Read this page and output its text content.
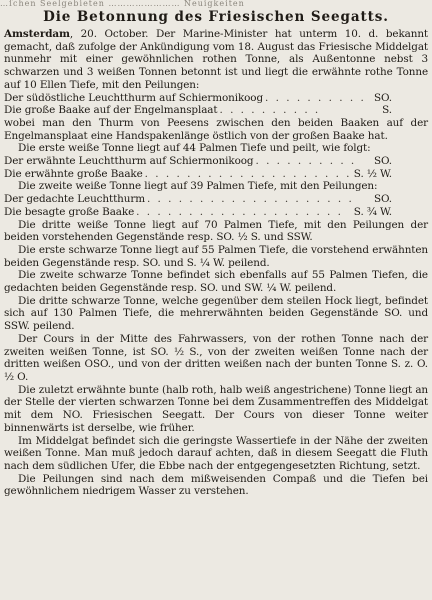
…ſchen Seelgebieten …………………… Neuigkeiten
Die Betonnung des Friesischen Seegatts.

Amsterdam, 20. October. Der Marine-Minister hat unterm 10. d. bekannt gemacht, daß zufolge der Ankündigung vom 18. August das Friesische Middelgat nunmehr mit einer gewöhnlichen rothen Tonne, als Außentonne nebst 3 schwarzen und 3 weißen Tonnen betonnt ist und liegt die erwähnte rothe Tonne auf 10 Ellen Tiefe, mit den Peilungen:

Der südöstliche Leuchtthurm auf Schiermonikoog . . . . . . . . . . SO.
Die große Baake auf der Engelmansplaat . . . . . . . . . .	S.

wobei man den Thurm von Peesens zwischen den beiden Baaken auf der Engelmansplaat eine Handspakenlänge östlich von der großen Baake hat.

Die erste weiße Tonne liegt auf 44 Palmen Tiefe und peilt, wie folgt:

Der erwähnte Leuchtthurm auf Schiermonikoog . . . . . . . . . .	SO.
Die erwähnte große Baake . . . . . . . . . . . . . . . . . . . . S. ½ W.

Die zweite weiße Tonne liegt auf 39 Palmen Tiefe, mit den Peilungen:

Der gedachte Leuchtthurm . . . . . . . . . . . . . . . . . . . .	SO.
Die besagte große Baake . . . . . . . . . . . . . . . . . . . .	S. ¾ W.

Die dritte weiße Tonne liegt auf 70 Palmen Tiefe, mit den Peilungen der beiden vorstehenden Gegenstände resp. SO. ½ S. und SSW.

Die erste schwarze Tonne liegt auf 55 Palmen Tiefe, die vorstehend erwähnten beiden Gegenstände resp. SO. und S. ¼ W. peilend.

Die zweite schwarze Tonne befindet sich ebenfalls auf 55 Palmen Tiefen, die gedachten beiden Gegenstände resp. SO. und SW. ¼ W. peilend.

Die dritte schwarze Tonne, welche gegenüber dem steilen Hock liegt, befindet sich auf 130 Palmen Tiefe, die mehrerwähnten beiden Gegenstände SO. und SSW. peilend.

Der Cours in der Mitte des Fahrwassers, von der rothen Tonne nach der zweiten weißen Tonne, ist SO. ½ S., von der zweiten weißen Tonne nach der dritten weißen OSO., und von der dritten weißen nach der bunten Tonne S. z. O. ½ O.

Die zuletzt erwähnte bunte (halb roth, halb weiß angestrichene) Tonne liegt an der Stelle der vierten schwarzen Tonne bei dem Zusammentreffen des Middelgat mit dem NO. Friesischen Seegatt. Der Cours von dieser Tonne weiter binnenwärts ist derselbe, wie früher.

Im Middelgat befindet sich die geringste Wassertiefe in der Nähe der zweiten weißen Tonne. Man muß jedoch darauf achten, daß in diesem Seegatt die Fluth nach dem südlichen Ufer, die Ebbe nach der entgegengesetzten Richtung, setzt.

Die Peilungen sind nach dem mißweisenden Compaß und die Tiefen bei gewöhnlichem niedrigem Wasser zu verstehen.
